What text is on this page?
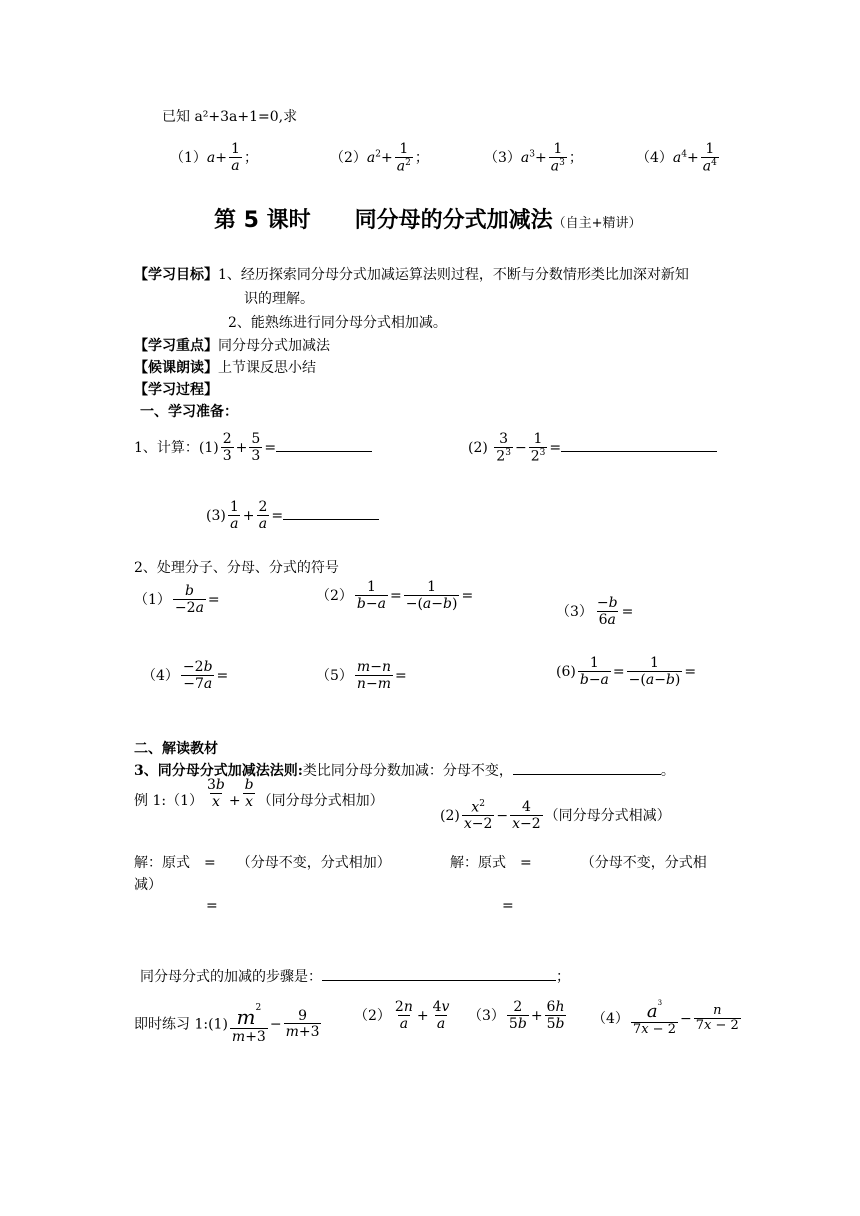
已知 a²+3a+1=0,求
$(1)a+ \frac{1}{a}$ ；	$(2)a^2+ \frac{1}{a^2}$ ；	$(3)a^3+ \frac{1}{a^3}$ ；	$(4)a^4+ \frac{1}{a^4}$
第 5 课时　　同分母的分式加减法（自主+精讲）
【学习目标】1、经历探索同分母分式加减运算法则过程，不断与分数情形类比加深对新知
识的理解。
2、能熟练进行同分母分式相加减。
【学习重点】同分母分式加减法
【候课朗读】上节课反思小结
【学习过程】
一、学习准备：
1、计算：$(1) \frac{2}{3} + \frac{5}{3}$ =	$(2) \frac{3}{2^3} - \frac{1}{2^3}$ =
$(3) \frac{1}{a} + \frac{2}{a}$ =
2、处理分子、分母、分式的符号
$(1) \frac{b}{-2a}$ =	$(2) \frac{1}{b-a} = \frac{1}{-(a-b)}$ =
$(3) \frac{-b}{6a}$ =
$(4) \frac{-2b}{-7a}$ =	$(5) \frac{m-n}{n-m}$ =	$(6) \frac{1}{b-a} = \frac{1}{-(a-b)}$ =
二、解读教材
3、同分母分式加减法法则:类比同分母分数加减：分母不变，	。
例 1:（1） $\frac{3b}{x} + \frac{b}{x}$ （同分母分式相加）
$(2) \frac{x^2}{x-2} - \frac{4}{x-2}$ （同分母分式相减）
解：原式　=　　 （分母不变，分式相加）	解：原式　=　　　　	（分母不变，分式相
减）
=	=
同分母分式的加减的步骤是：	；
即时练习 1:(1) $\frac{m^2}{m+3} - \frac{9}{m+3} (2) \frac{2n}{a} + \frac{4v}{a} (3) \frac{2}{5b} + \frac{6h}{5b} (4) \frac{a^3}{7x - 2} - \frac{n}{7x - 2}$
